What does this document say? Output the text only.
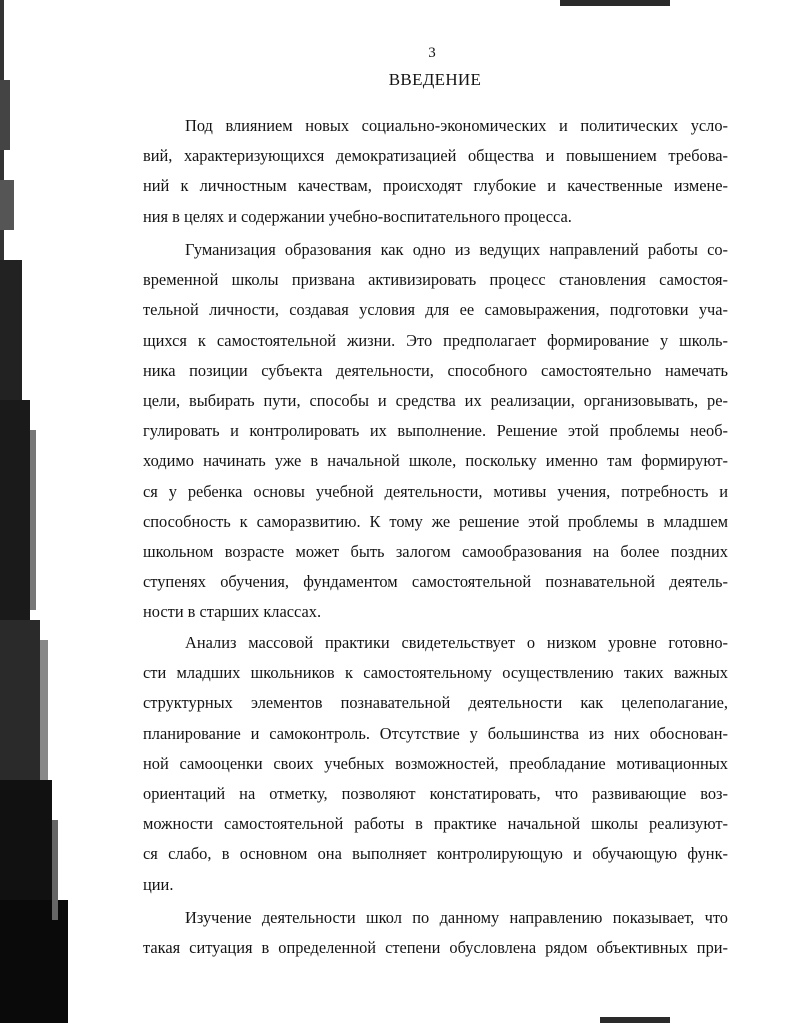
3
ВВЕДЕНИЕ
Под влиянием новых социально-экономических и политических усло-
вий, характеризующихся демократизацией общества и повышением требова-
ний к личностным качествам, происходят глубокие и качественные измене-
ния в целях и содержании учебно-воспитательного процесса.
Гуманизация образования как одно из ведущих направлений работы со-
временной школы призвана активизировать процесс становления самостоя-
тельной личности, создавая условия для ее самовыражения, подготовки уча-
щихся к самостоятельной жизни. Это предполагает формирование у школь-
ника позиции субъекта деятельности, способного самостоятельно намечать
цели, выбирать пути, способы и средства их реализации, организовывать, ре-
гулировать и контролировать их выполнение. Решение этой проблемы необ-
ходимо начинать уже в начальной школе, поскольку именно там формируют-
ся у ребенка основы учебной деятельности, мотивы учения, потребность и
способность к саморазвитию. К тому же решение этой проблемы в младшем
школьном возрасте может быть залогом самообразования на более поздних
ступенях обучения, фундаментом самостоятельной познавательной деятель-
ности в старших классах.
Анализ массовой практики свидетельствует о низком уровне готовно-
сти младших школьников к самостоятельному осуществлению таких важных
структурных элементов познавательной деятельности как целеполагание,
планирование и самоконтроль. Отсутствие у большинства из них обоснован-
ной самооценки своих учебных возможностей, преобладание мотивационных
ориентаций на отметку, позволяют констатировать, что развивающие воз-
можности самостоятельной работы в практике начальной школы реализуют-
ся слабо, в основном она выполняет контролирующую и обучающую функ-
ции.
Изучение деятельности школ по данному направлению показывает, что
такая ситуация в определенной степени обусловлена рядом объективных при-
